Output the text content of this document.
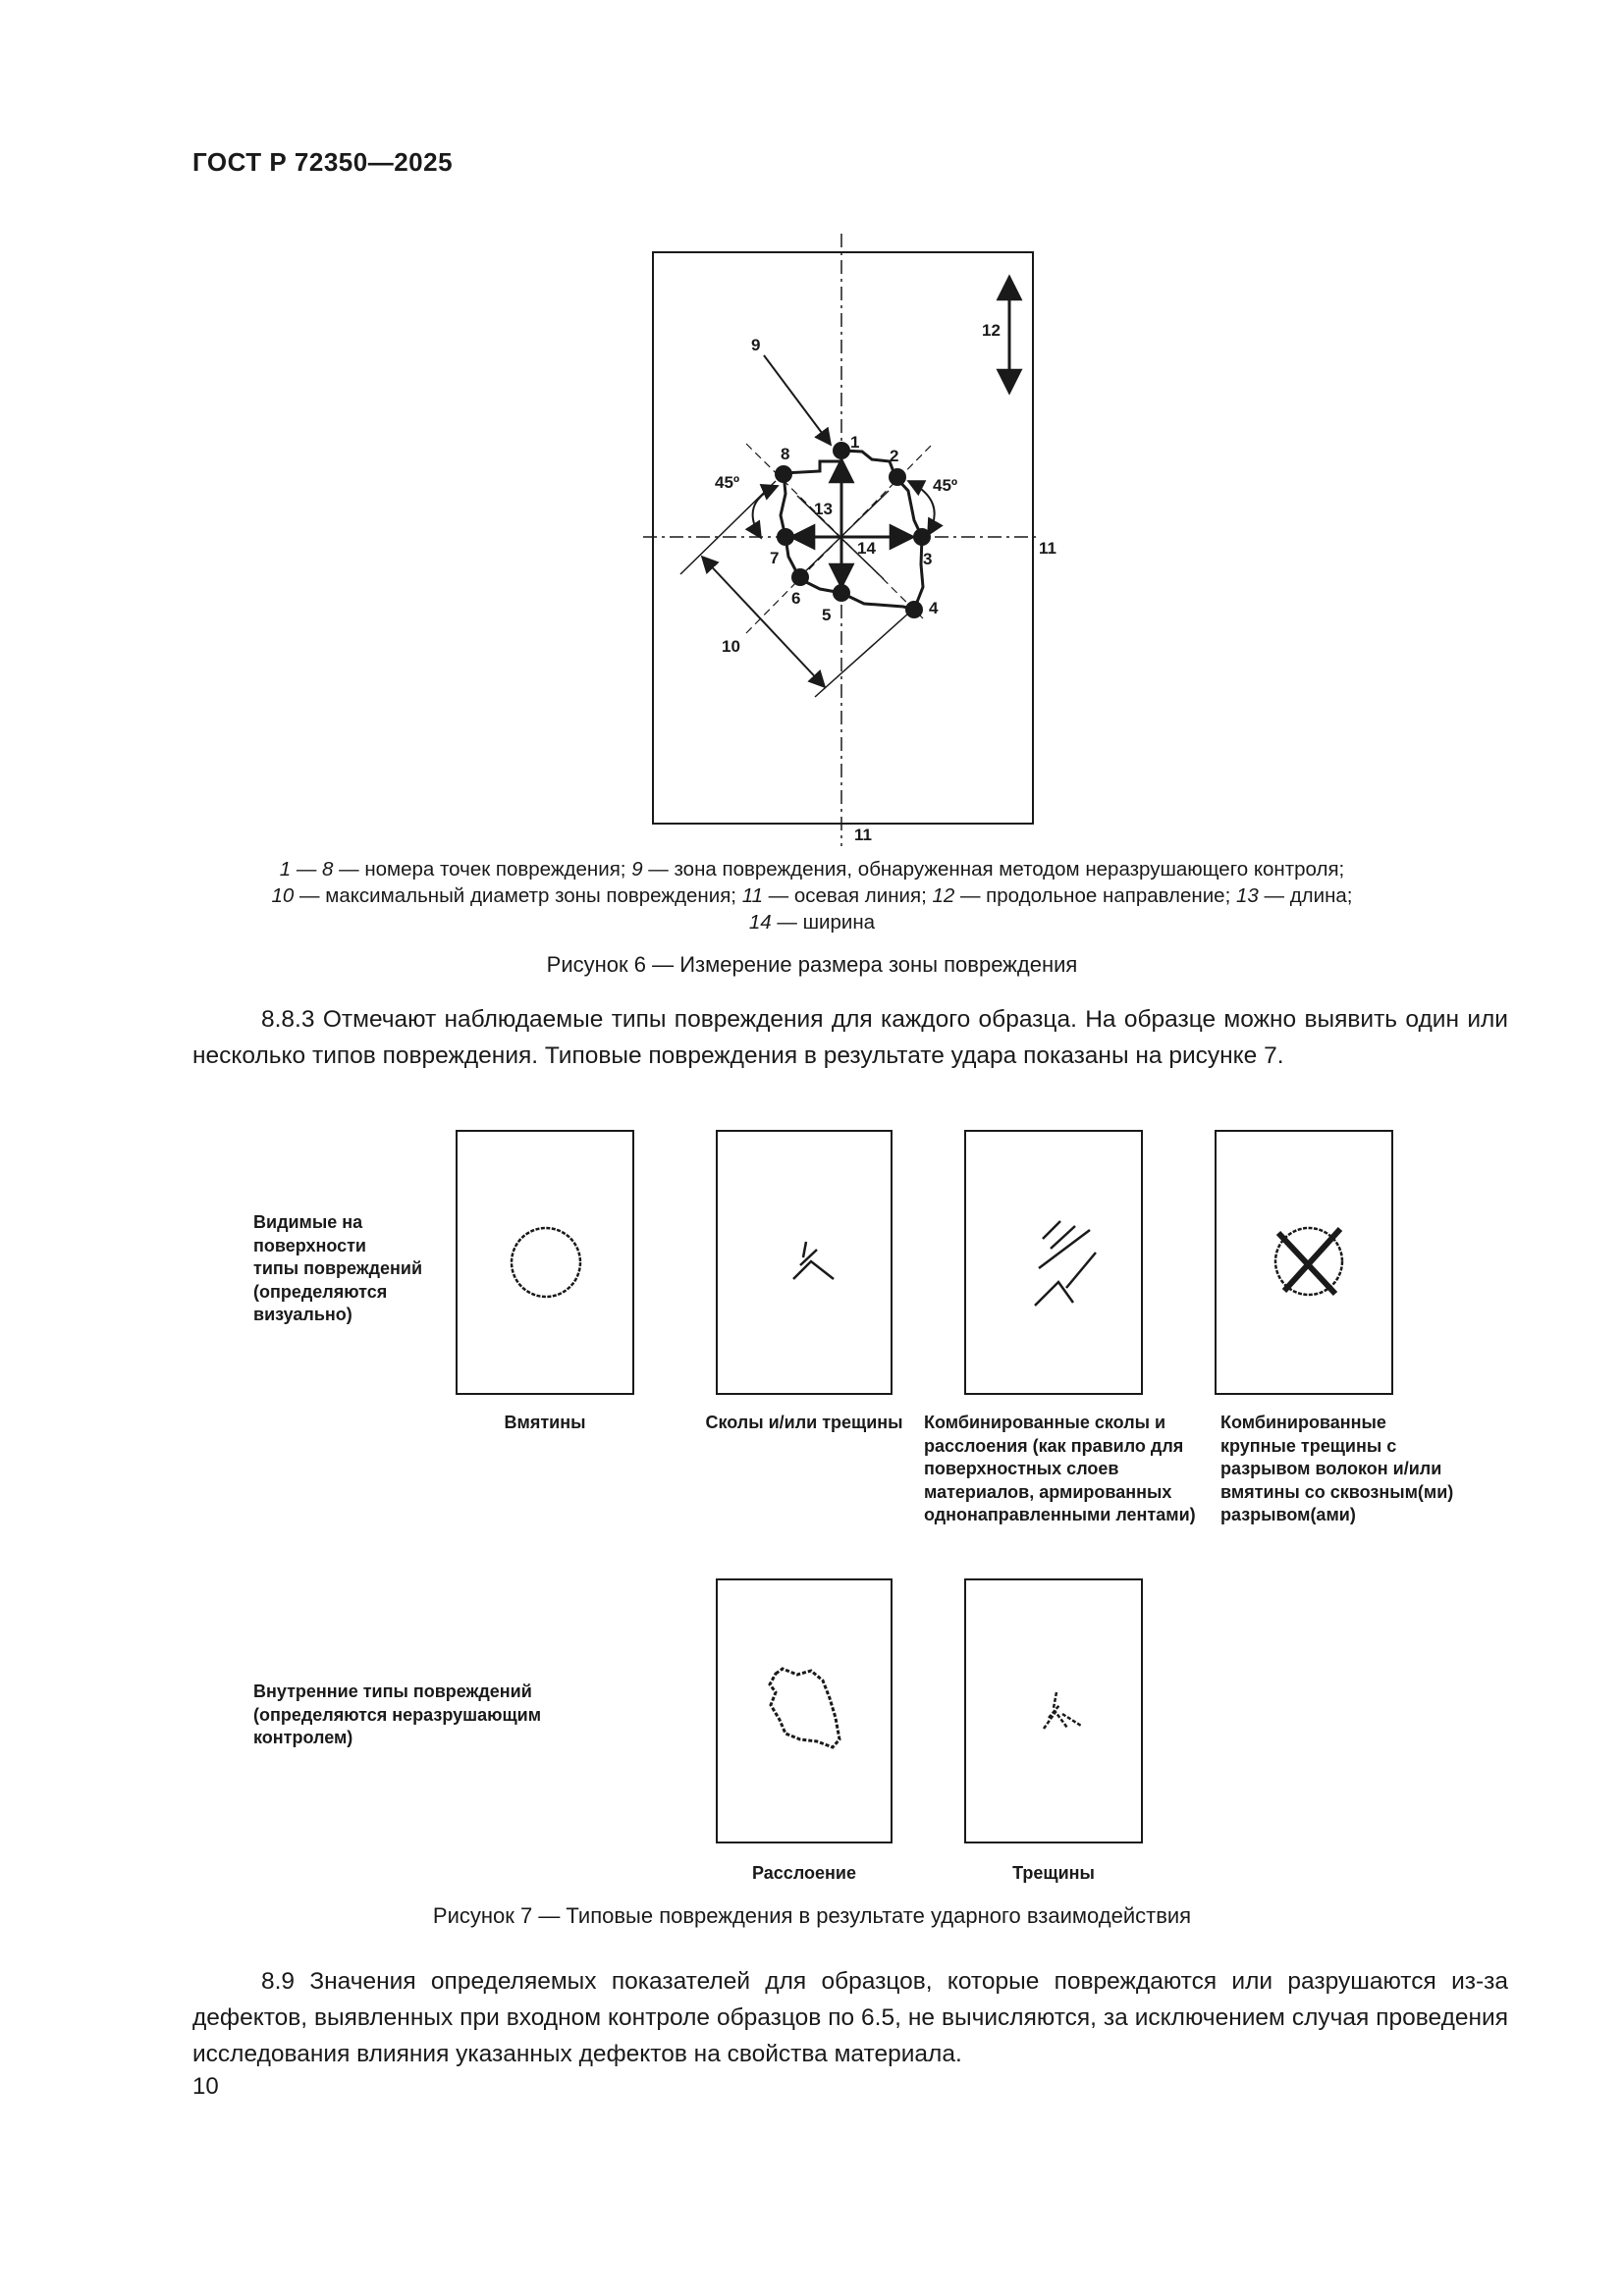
ГОСТ Р 72350—2025
1
2
3
4
5
6
7
8
9
10
11
11
12
13
14
45º	45º
1 — 8 — номера точек повреждения; 9 — зона повреждения, обнаруженная методом неразрушающего контроля;
10 — максимальный диаметр зоны повреждения; 11 — осевая линия; 12 — продольное направление; 13 — длина;
14 — ширина
Рисунок 6 — Измерение размера зоны повреждения
8.8.3 Отмечают наблюдаемые типы повреждения для каждого образца. На образце можно выявить один или несколько типов повреждения. Типовые повреждения в результате удара показаны на рисунке 7.
Видимые на
поверхности
типы повреждений
(определяются
визуально)
Внутренние типы повреждений
(определяются неразрушающим
контролем)
Вмятины	Сколы и/или трещины	Комбинированные сколы и
расслоения (как правило для
поверхностных слоев
материалов, армированных
однонаправленными лентами)
Комбинированные
крупные трещины с
разрывом волокон и/или
вмятины со сквозным(ми)
разрывом(ами)
Расслоение	Трещины
Рисунок 7 — Типовые повреждения в результате ударного взаимодействия
8.9 Значения определяемых показателей для образцов, которые повреждаются или разрушаются из-за дефектов, выявленных при входном контроле образцов по 6.5, не вычисляются, за исключением случая проведения исследования влияния указанных дефектов на свойства материала.
10
